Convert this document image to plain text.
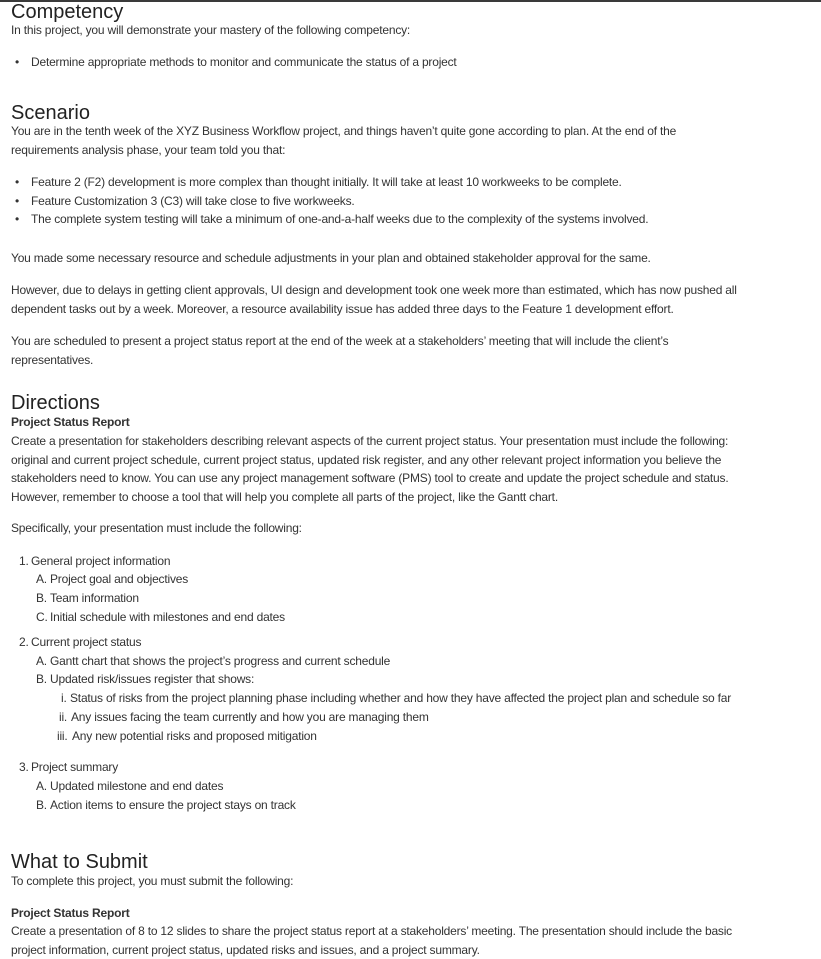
Competency

In this project, you will demonstrate your mastery of the following competency:

• Determine appropriate methods to monitor and communicate the status of a project
Scenario

You are in the tenth week of the XYZ Business Workflow project, and things haven’t quite gone according to plan. At the end of the
requirements analysis phase, your team told you that:

• Feature 2 (F2) development is more complex than thought initially. It will take at least 10 workweeks to be complete.
• Feature Customization 3 (C3) will take close to five workweeks.
• The complete system testing will take a minimum of one-and-a-half weeks due to the complexity of the systems involved.

You made some necessary resource and schedule adjustments in your plan and obtained stakeholder approval for the same.

However, due to delays in getting client approvals, UI design and development took one week more than estimated, which has now pushed all
dependent tasks out by a week. Moreover, a resource availability issue has added three days to the Feature 1 development effort.

You are scheduled to present a project status report at the end of the week at a stakeholders’ meeting that will include the client’s
representatives.

Directions

Project Status Report

Create a presentation for stakeholders describing relevant aspects of the current project status. Your presentation must include the following:
original and current project schedule, current project status, updated risk register, and any other relevant project information you believe the
stakeholders need to know. You can use any project management software (PMS) tool to create and update the project schedule and status.
However, remember to choose a tool that will help you complete all parts of the project, like the Gantt chart.

Specifically, your presentation must include the following:

1. General project information
A. Project goal and objectives
B. Team information
C. Initial schedule with milestones and end dates
2. Current project status
A. Gantt chart that shows the project’s progress and current schedule
B. Updated risk/issues register that shows:
i. Status of risks from the project planning phase including whether and how they have affected the project plan and schedule so far
ii. Any issues facing the team currently and how you are managing them
iii. Any new potential risks and proposed mitigation
3. Project summary
A. Updated milestone and end dates
B. Action items to ensure the project stays on track
What to Submit

To complete this project, you must submit the following:

Project Status Report

Create a presentation of 8 to 12 slides to share the project status report at a stakeholders’ meeting. The presentation should include the basic
project information, current project status, updated risks and issues, and a project summary.
